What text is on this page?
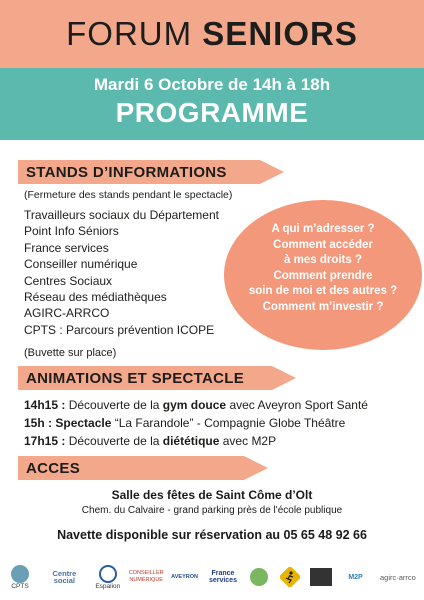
FORUM SENIORS
Mardi 6 Octobre de 14h à 18h
PROGRAMME
STANDS D’INFORMATIONS
(Fermeture des stands pendant le spectacle)
Travailleurs sociaux du Département
Point Info Séniors
France services
Conseiller numérique
Centres Sociaux
Réseau des médiathèques
AGIRC-ARRCO
CPTS : Parcours prévention ICOPE
(Buvette sur place)
A qui m’adresser ?
Comment accéder
à mes droits ?
Comment prendre
soin de moi et des autres ?
Comment m’investir ?
ANIMATIONS ET SPECTACLE

14h15 : Découverte de la gym douce avec Aveyron Sport Santé

15h : Spectacle “La Farandole” - Compagnie Globe Théâtre

17h15 : Découverte de la diététique avec M2P

ACCES
Salle des fêtes de Saint Côme d’Olt
Chem. du Calvaire - grand parking près de l'école publique
Navette disponible sur réservation au 05 65 48 92 66
CPTS
Centre social
Espalion
CONSEILLER NUMÉRIQUE
AVEYRON	France services	M2P agirc·arrco
